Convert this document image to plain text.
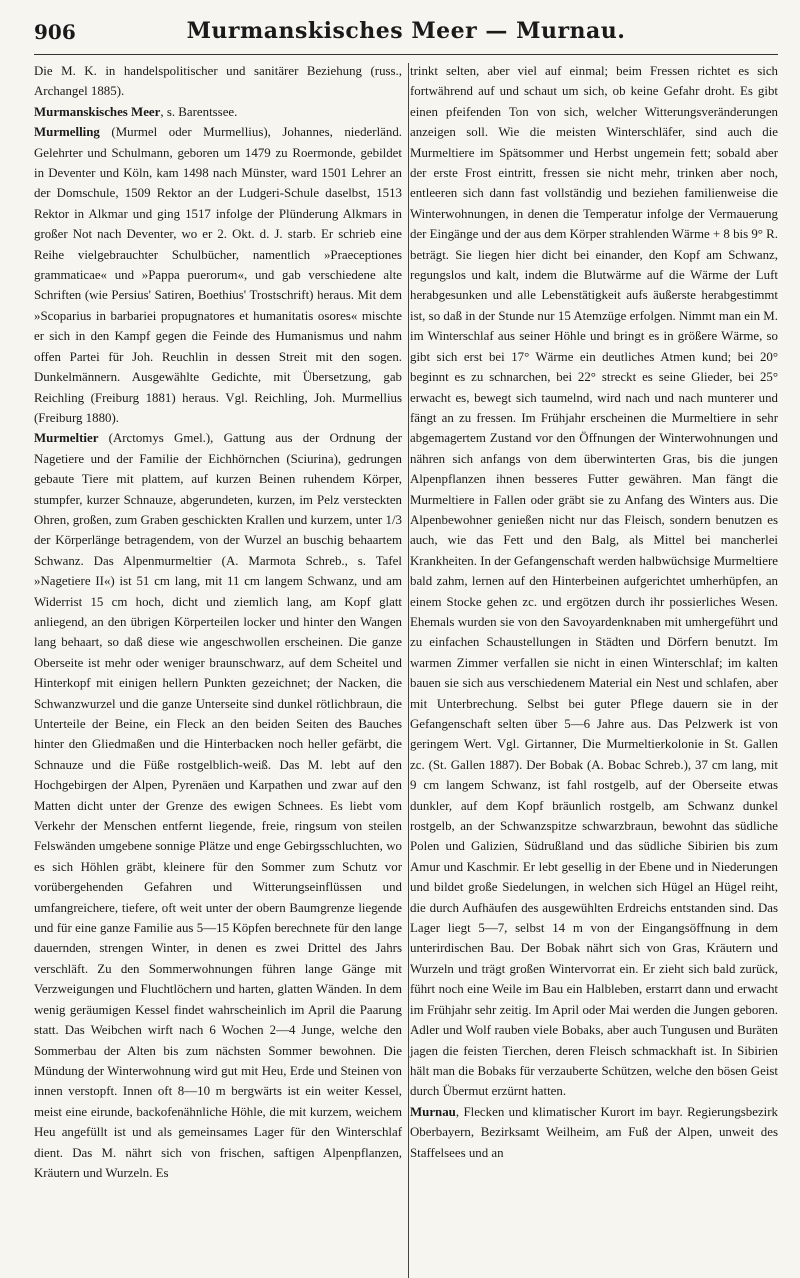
906	Murmanskisches Meer — Murnau.

Die M. K. in handelspolitischer und sanitärer Beziehung (russ., Archangel 1885).

Murmanskisches Meer, s. Barentssee.

Murmelling (Murmel oder Murmellius), Johannes, niederländ. Gelehrter und Schulmann, geboren um 1479 zu Roermonde, gebildet in Deventer und Köln, kam 1498 nach Münster, ward 1501 Lehrer an der Domschule, 1509 Rektor an der Ludgeri-Schule daselbst, 1513 Rektor in Alkmar und ging 1517 infolge der Plünderung Alkmars in großer Not nach Deventer, wo er 2. Okt. d. J. starb. Er schrieb eine Reihe vielgebrauchter Schulbücher, namentlich »Praeceptiones grammaticae« und »Pappa puerorum«, und gab verschiedene alte Schriften (wie Persius' Satiren, Boethius' Trostschrift) heraus. Mit dem »Scoparius in barbariei propugnatores et humanitatis osores« mischte er sich in den Kampf gegen die Feinde des Humanismus und nahm offen Partei für Joh. Reuchlin in dessen Streit mit den sogen. Dunkelmännern. Ausgewählte Gedichte, mit Übersetzung, gab Reichling (Freiburg 1881) heraus. Vgl. Reichling, Joh. Murmellius (Freiburg 1880).

Murmeltier (Arctomys Gmel.), Gattung aus der Ordnung der Nagetiere und der Familie der Eichhörnchen (Sciurina), gedrungen gebaute Tiere mit plattem, auf kurzen Beinen ruhendem Körper, stumpfer, kurzer Schnauze, abgerundeten, kurzen, im Pelz versteckten Ohren, großen, zum Graben geschickten Krallen und kurzem, unter 1/3 der Körperlänge betragendem, von der Wurzel an buschig behaartem Schwanz. Das Alpenmurmeltier (A. Marmota Schreb., s. Tafel »Nagetiere II«) ist 51 cm lang, mit 11 cm langem Schwanz, und am Widerrist 15 cm hoch, dicht und ziemlich lang, am Kopf glatt anliegend, an den übrigen Körperteilen locker und hinter den Wangen lang behaart, so daß diese wie angeschwollen erscheinen. Die ganze Oberseite ist mehr oder weniger braunschwarz, auf dem Scheitel und Hinterkopf mit einigen hellern Punkten gezeichnet; der Nacken, die Schwanzwurzel und die ganze Unterseite sind dunkel rötlichbraun, die Unterteile der Beine, ein Fleck an den beiden Seiten des Bauches hinter den Gliedmaßen und die Hinterbacken noch heller gefärbt, die Schnauze und die Füße rostgelblich-weiß. Das M. lebt auf den Hochgebirgen der Alpen, Pyrenäen und Karpathen und zwar auf den Matten dicht unter der Grenze des ewigen Schnees. Es liebt vom Verkehr der Menschen entfernt liegende, freie, ringsum von steilen Felswänden umgebene sonnige Plätze und enge Gebirgsschluchten, wo es sich Höhlen gräbt, kleinere für den Sommer zum Schutz vor vorübergehenden Gefahren und Witterungseinflüssen und umfangreichere, tiefere, oft weit unter der obern Baumgrenze liegende und für eine ganze Familie aus 5—15 Köpfen berechnete für den lange dauernden, strengen Winter, in denen es zwei Drittel des Jahrs verschläft. Zu den Sommerwohnungen führen lange Gänge mit Verzweigungen und Fluchtlöchern und harten, glatten Wänden. In dem wenig geräumigen Kessel findet wahrscheinlich im April die Paarung statt. Das Weibchen wirft nach 6 Wochen 2—4 Junge, welche den Sommerbau der Alten bis zum nächsten Sommer bewohnen. Die Mündung der Winterwohnung wird gut mit Heu, Erde und Steinen von innen verstopft. Innen oft 8—10 m bergwärts ist ein weiter Kessel, meist eine eirunde, backofenähnliche Höhle, die mit kurzem, weichem Heu angefüllt ist und als gemeinsames Lager für den Winterschlaf dient. Das M. nährt sich von frischen, saftigen Alpenpflanzen, Kräutern und Wurzeln. Es

trinkt selten, aber viel auf einmal; beim Fressen richtet es sich fortwährend auf und schaut um sich, ob keine Gefahr droht. Es gibt einen pfeifenden Ton von sich, welcher Witterungsveränderungen anzeigen soll. Wie die meisten Winterschläfer, sind auch die Murmeltiere im Spätsommer und Herbst ungemein fett; sobald aber der erste Frost eintritt, fressen sie nicht mehr, trinken aber noch, entleeren sich dann fast vollständig und beziehen familienweise die Winterwohnungen, in denen die Temperatur infolge der Vermauerung der Eingänge und der aus dem Körper strahlenden Wärme + 8 bis 9° R. beträgt. Sie liegen hier dicht bei einander, den Kopf am Schwanz, regungslos und kalt, indem die Blutwärme auf die Wärme der Luft herabgesunken und alle Lebenstätigkeit aufs äußerste herabgestimmt ist, so daß in der Stunde nur 15 Atemzüge erfolgen. Nimmt man ein M. im Winterschlaf aus seiner Höhle und bringt es in größere Wärme, so gibt sich erst bei 17° Wärme ein deutliches Atmen kund; bei 20° beginnt es zu schnarchen, bei 22° streckt es seine Glieder, bei 25° erwacht es, bewegt sich taumelnd, wird nach und nach munterer und fängt an zu fressen. Im Frühjahr erscheinen die Murmeltiere in sehr abgemagertem Zustand vor den Öffnungen der Winterwohnungen und nähren sich anfangs von dem überwinterten Gras, bis die jungen Alpenpflanzen ihnen besseres Futter gewähren. Man fängt die Murmeltiere in Fallen oder gräbt sie zu Anfang des Winters aus. Die Alpenbewohner genießen nicht nur das Fleisch, sondern benutzen es auch, wie das Fett und den Balg, als Mittel bei mancherlei Krankheiten. In der Gefangenschaft werden halbwüchsige Murmeltiere bald zahm, lernen auf den Hinterbeinen aufgerichtet umherhüpfen, an einem Stocke gehen zc. und ergötzen durch ihr possierliches Wesen. Ehemals wurden sie von den Savoyardenknaben mit umhergeführt und zu einfachen Schaustellungen in Städten und Dörfern benutzt. Im warmen Zimmer verfallen sie nicht in einen Winterschlaf; im kalten bauen sie sich aus verschiedenem Material ein Nest und schlafen, aber mit Unterbrechung. Selbst bei guter Pflege dauern sie in der Gefangenschaft selten über 5—6 Jahre aus. Das Pelzwerk ist von geringem Wert. Vgl. Girtanner, Die Murmeltierkolonie in St. Gallen zc. (St. Gallen 1887). Der Bobak (A. Bobac Schreb.), 37 cm lang, mit 9 cm langem Schwanz, ist fahl rostgelb, auf der Oberseite etwas dunkler, auf dem Kopf bräunlich rostgelb, am Schwanz dunkel rostgelb, an der Schwanzspitze schwarzbraun, bewohnt das südliche Polen und Galizien, Südrußland und das südliche Sibirien bis zum Amur und Kaschmir. Er lebt gesellig in der Ebene und in Niederungen und bildet große Siedelungen, in welchen sich Hügel an Hügel reiht, die durch Aufhäufen des ausgewühlten Erdreichs entstanden sind. Das Lager liegt 5—7, selbst 14 m von der Eingangsöffnung in dem unterirdischen Bau. Der Bobak nährt sich von Gras, Kräutern und Wurzeln und trägt großen Wintervorrat ein. Er zieht sich bald zurück, führt noch eine Weile im Bau ein Halbleben, erstarrt dann und erwacht im Frühjahr sehr zeitig. Im April oder Mai werden die Jungen geboren. Adler und Wolf rauben viele Bobaks, aber auch Tungusen und Buräten jagen die feisten Tierchen, deren Fleisch schmackhaft ist. In Sibirien hält man die Bobaks für verzauberte Schützen, welche den bösen Geist durch Übermut erzürnt hatten.

Murnau, Flecken und klimatischer Kurort im bayr. Regierungsbezirk Oberbayern, Bezirksamt Weilheim, am Fuß der Alpen, unweit des Staffelsees und an
